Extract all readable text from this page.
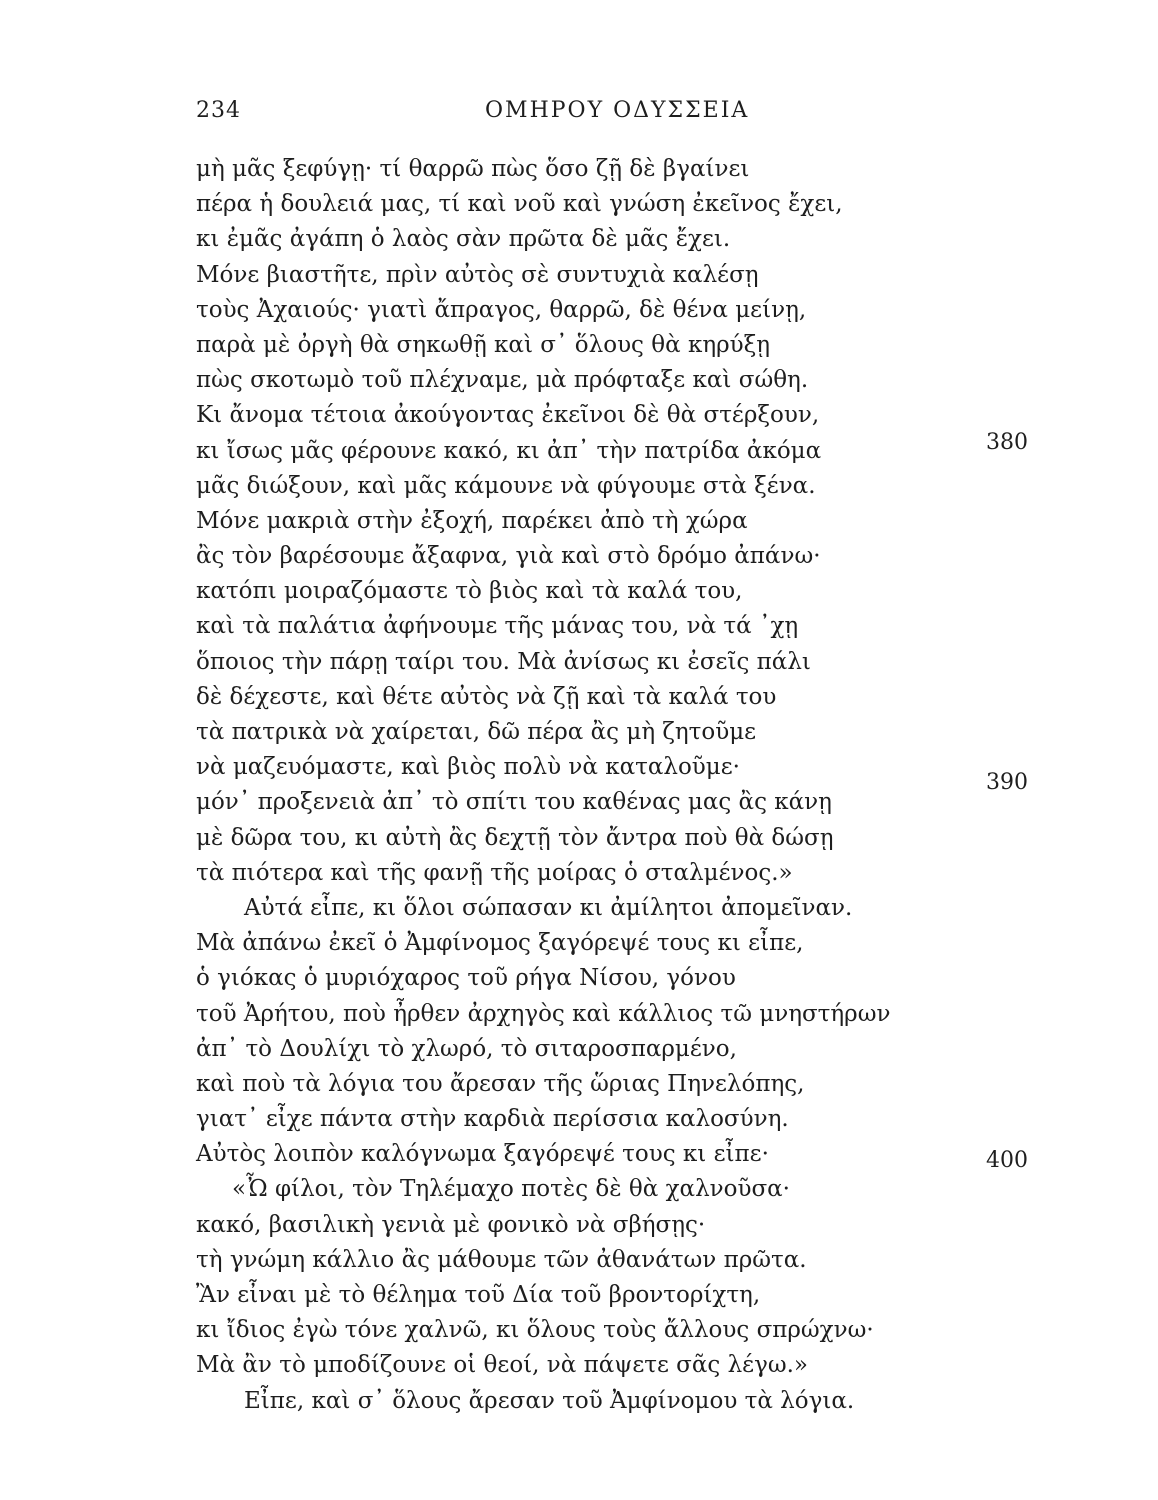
234	ΟΜΗΡΟΥ ΟΔΥΣΣΕΙΑ
μὴ μᾶς ξεφύγῃ· τί θαρρῶ πὼς ὅσο ζῇ δὲ βγαίνει
πέρα ἡ δουλειά μας, τί καὶ νοῦ καὶ γνώση ἐκεῖνος ἔχει,
κι ἐμᾶς ἀγάπη ὁ λαὸς σὰν πρῶτα δὲ μᾶς ἔχει.
Μόνε βιαστῆτε, πρὶν αὐτὸς σὲ συντυχιὰ καλέσῃ
τοὺς Ἀχαιούς· γιατὶ ἄπραγος, θαρρῶ, δὲ θένα μείνῃ,
παρὰ μὲ ὀργὴ θὰ σηκωθῇ καὶ σ᾿ ὅλους θὰ κηρύξῃ
πὼς σκοτωμὸ τοῦ πλέχναμε, μὰ πρόφταξε καὶ σώθη.
Κι ἄνομα τέτοια ἀκούγοντας ἐκεῖνοι δὲ θὰ στέρξουν,
κι ἴσως μᾶς φέρουνε κακό, κι ἀπ᾿ τὴν πατρίδα ἀκόμα
μᾶς διώξουν, καὶ μᾶς κάμουνε νὰ φύγουμε στὰ ξένα.
Μόνε μακριὰ στὴν ἐξοχή, παρέκει ἀπὸ τὴ χώρα
ἂς τὸν βαρέσουμε ἄξαφνα, γιὰ καὶ στὸ δρόμο ἀπάνω·
κατόπι μοιραζόμαστε τὸ βιὸς καὶ τὰ καλά του,
καὶ τὰ παλάτια ἀφήνουμε τῆς μάνας του, νὰ τά ᾿χῃ
ὅποιος τὴν πάρῃ ταίρι του. Μὰ ἀνίσως κι ἐσεῖς πάλι
δὲ δέχεστε, καὶ θέτε αὐτὸς νὰ ζῇ καὶ τὰ καλά του
τὰ πατρικὰ νὰ χαίρεται, δῶ πέρα ἂς μὴ ζητοῦμε
νὰ μαζευόμαστε, καὶ βιὸς πολὺ νὰ καταλοῦμε·
μόν᾿ προξενειὰ ἀπ᾿ τὸ σπίτι του καθένας μας ἂς κάνῃ
μὲ δῶρα του, κι αὐτὴ ἂς δεχτῇ τὸν ἄντρα ποὺ θὰ δώσῃ
τὰ πιότερα καὶ τῆς φανῇ τῆς μοίρας ὁ σταλμένος.»
Αὐτά εἶπε, κι ὅλοι σώπασαν κι ἀμίλητοι ἀπομεῖναν.
Μὰ ἀπάνω ἐκεῖ ὁ Ἀμφίνομος ξαγόρεψέ τους κι εἶπε,
ὁ γιόκας ὁ μυριόχαρος τοῦ ρήγα Νίσου, γόνου
τοῦ Ἀρήτου, ποὺ ἦρθεν ἀρχηγὸς καὶ κάλλιος τῶ μνηστήρων
ἀπ᾿ τὸ Δουλίχι τὸ χλωρό, τὸ σιταροσπαρμένο,
καὶ ποὺ τὰ λόγια του ἄρεσαν τῆς ὥριας Πηνελόπης,
γιατ᾿ εἶχε πάντα στὴν καρδιὰ περίσσια καλοσύνη.
Αὐτὸς λοιπὸν καλόγνωμα ξαγόρεψέ τους κι εἶπε·
«Ὦ φίλοι, τὸν Τηλέμαχο ποτὲς δὲ θὰ χαλνοῦσα·
κακό, βασιλικὴ γενιὰ μὲ φονικὸ νὰ σβήσῃς·
τὴ γνώμη κάλλιο ἂς μάθουμε τῶν ἀθανάτων πρῶτα.
Ἂν εἶναι μὲ τὸ θέλημα τοῦ Δία τοῦ βροντορίχτη,
κι ἴδιος ἐγὼ τόνε χαλνῶ, κι ὅλους τοὺς ἄλλους σπρώχνω·
Μὰ ἂν τὸ μποδίζουνε οἱ θεοί, νὰ πάψετε σᾶς λέγω.»
Εἶπε, καὶ σ᾿ ὅλους ἄρεσαν τοῦ Ἀμφίνομου τὰ λόγια.
380
390
400
